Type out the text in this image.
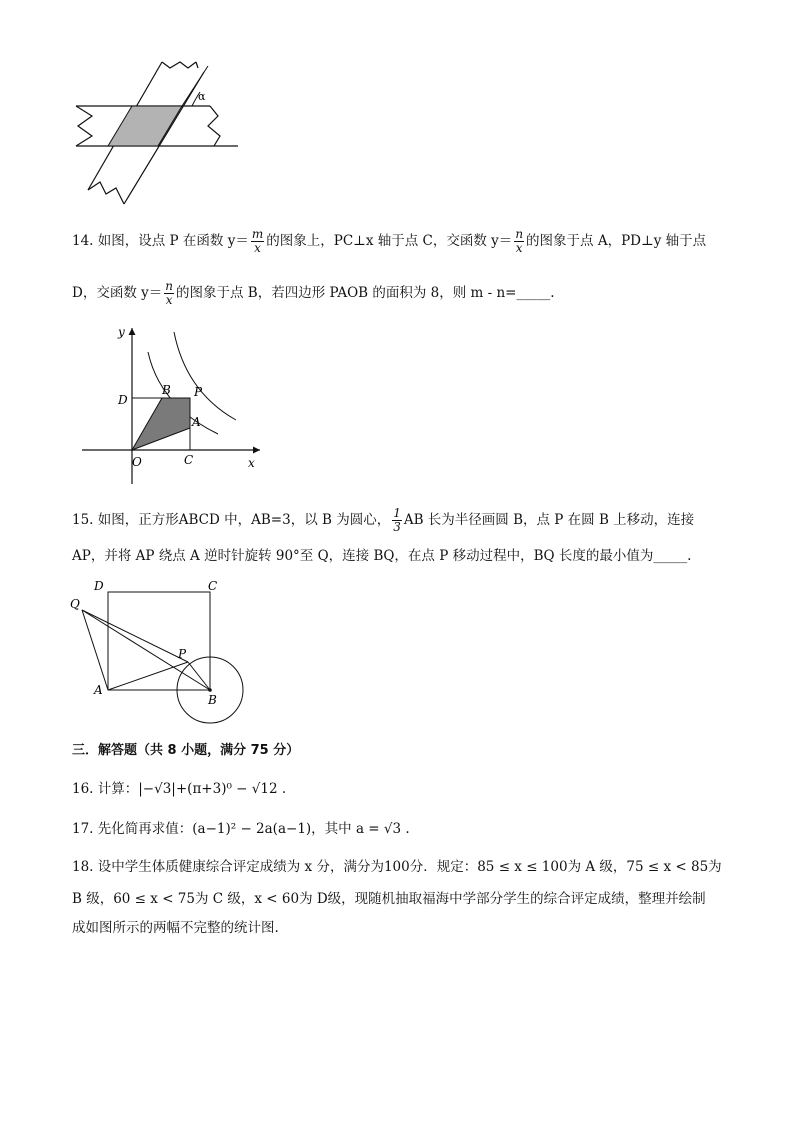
α
14. 如图，设点 P 在函数 $y= \frac{m}{x}$ 的图象上，PC⊥x 轴于点 C，交函数 $y= \frac{n}{x}$ 的图象于点 A，PD⊥y 轴于点
D，交函数 $y= \frac{n}{x}$ 的图象于点 B，若四边形 PAOB 的面积为 8，则 m - n=_____.
y
x
O	C
D
B P
A
15. 如图，正方形ABCD 中，AB=3，以 B 为圆心， $\frac{1}{3}$ AB 长为半径画圆 B，点 P 在圆 B 上移动，连接
AP，并将 AP 绕点 A 逆时针旋转 90°至 Q，连接 BQ，在点 P 移动过程中，BQ 长度的最小值为_____.
D	C
Q
P
A
B
三．解答题（共 8 小题，满分 75 分）
16. 计算：|−√3|+(π+3)⁰ − √12 .
17. 先化简再求值：(a−1)² − 2a(a−1)，其中 a = √3 .
18. 设中学生体质健康综合评定成绩为 x 分，满分为100分．规定：85 ≤ x ≤ 100为 A 级，75 ≤ x < 85为
B 级，60 ≤ x < 75为 C 级，x < 60为 D级，现随机抽取福海中学部分学生的综合评定成绩，整理并绘制
成如图所示的两幅不完整的统计图.
